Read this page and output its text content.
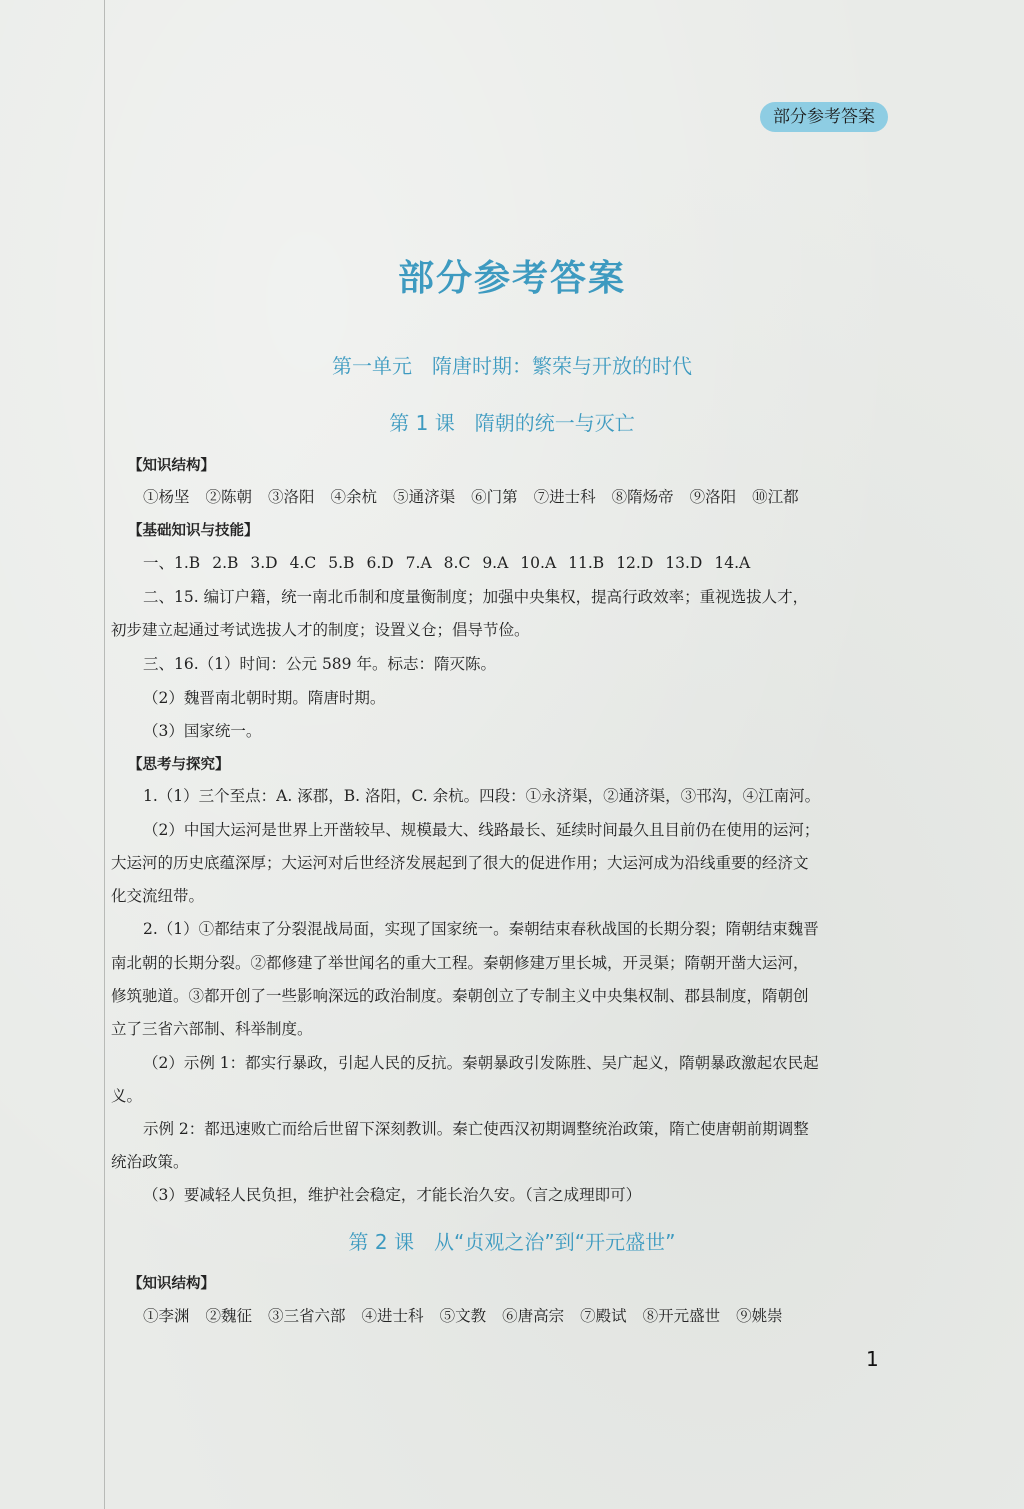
部分参考答案
部分参考答案
第一单元　隋唐时期：繁荣与开放的时代
第 1 课　隋朝的统一与灭亡
【知识结构】
①杨坚 ②陈朝 ③洛阳 ④余杭 ⑤通济渠 ⑥门第 ⑦进士科 ⑧隋炀帝 ⑨洛阳 ⑩江都
【基础知识与技能】
一、 1.B 2.B 3.D 4.C 5.B 6.D 7.A 8.C 9.A 10.A 11.B 12.D 13.D 14.A
二、15. 编订户籍，统一南北币制和度量衡制度；加强中央集权，提高行政效率；重视选拔人才，
初步建立起通过考试选拔人才的制度；设置义仓；倡导节俭。
三、16.（1）时间：公元 589 年。标志：隋灭陈。
（2）魏晋南北朝时期。隋唐时期。
（3）国家统一。
【思考与探究】
1.（1）三个至点：A. 涿郡，B. 洛阳，C. 余杭。四段：①永济渠，②通济渠，③邗沟，④江南河。
（2）中国大运河是世界上开凿较早、规模最大、线路最长、延续时间最久且目前仍在使用的运河；
大运河的历史底蕴深厚；大运河对后世经济发展起到了很大的促进作用；大运河成为沿线重要的经济文
化交流纽带。
2.（1）①都结束了分裂混战局面，实现了国家统一。秦朝结束春秋战国的长期分裂；隋朝结束魏晋
南北朝的长期分裂。②都修建了举世闻名的重大工程。秦朝修建万里长城，开灵渠；隋朝开凿大运河，
修筑驰道。③都开创了一些影响深远的政治制度。秦朝创立了专制主义中央集权制、郡县制度，隋朝创
立了三省六部制、科举制度。
（2）示例 1：都实行暴政，引起人民的反抗。秦朝暴政引发陈胜、吴广起义，隋朝暴政激起农民起
义。
示例 2：都迅速败亡而给后世留下深刻教训。秦亡使西汉初期调整统治政策，隋亡使唐朝前期调整
统治政策。
（3）要减轻人民负担，维护社会稳定，才能长治久安。（言之成理即可）
第 2 课　从“贞观之治”到“开元盛世”
【知识结构】
①李渊 ②魏征 ③三省六部 ④进士科 ⑤文教 ⑥唐高宗 ⑦殿试 ⑧开元盛世 ⑨姚崇
1
